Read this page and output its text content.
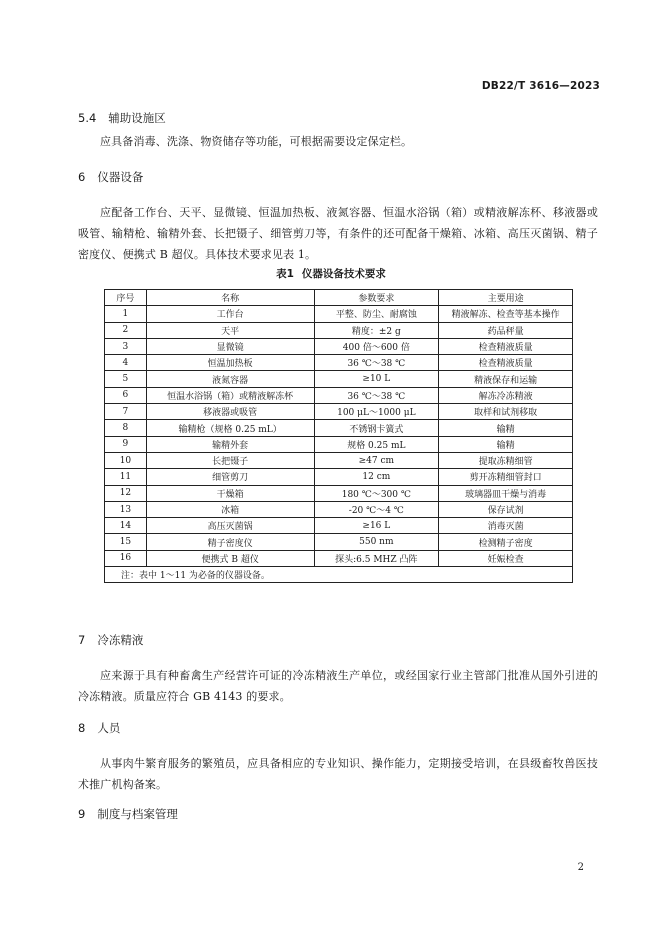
DB22/T 3616—2023
5.4 辅助设施区
应具备消毒、洗涤、物资储存等功能，可根据需要设定保定栏。
6 仪器设备
应配备工作台、天平、显微镜、恒温加热板、液氮容器、恒温水浴锅（箱）或精液解冻杯、移液器或吸管、输精枪、输精外套、长把镊子、细管剪刀等，有条件的还可配备干燥箱、冰箱、高压灭菌锅、精子密度仪、便携式 B 超仪。具体技术要求见表 1。
表1 仪器设备技术要求
序号	名称	参数要求	主要用途
1	工作台	平整、防尘、耐腐蚀	精液解冻、检查等基本操作
2	天平	精度：±2 g	药品秤量
3	显微镜	400 倍～600 倍	检查精液质量
4	恒温加热板	36 ℃～38 ℃	检查精液质量
5	液氮容器	≥10 L	精液保存和运输
6	恒温水浴锅（箱）或精液解冻杯	36 ℃～38 ℃	解冻冷冻精液
7	移液器或吸管	100 μL～1000 μL	取样和试剂移取
8	输精枪（规格 0.25 mL）	不锈钢卡簧式	输精
9	输精外套	规格 0.25 mL	输精
10	长把镊子	≥47 cm	提取冻精细管
11	细管剪刀	12 cm	剪开冻精细管封口
12	干燥箱	180 ℃～300 ℃	玻璃器皿干燥与消毒
13	冰箱	-20 ℃～4 ℃	保存试剂
14	高压灭菌锅	≥16 L	消毒灭菌
15	精子密度仪	550 nm	检测精子密度
16	便携式 B 超仪	探头:6.5 MHZ 凸阵	妊娠检查
注：表中 1～11 为必备的仪器设备。			
7 冷冻精液
应来源于具有种畜禽生产经营许可证的冷冻精液生产单位，或经国家行业主管部门批准从国外引进的冷冻精液。质量应符合 GB 4143 的要求。
8 人员
从事肉牛繁育服务的繁殖员，应具备相应的专业知识、操作能力，定期接受培训，在县级畜牧兽医技术推广机构备案。
9 制度与档案管理
2
